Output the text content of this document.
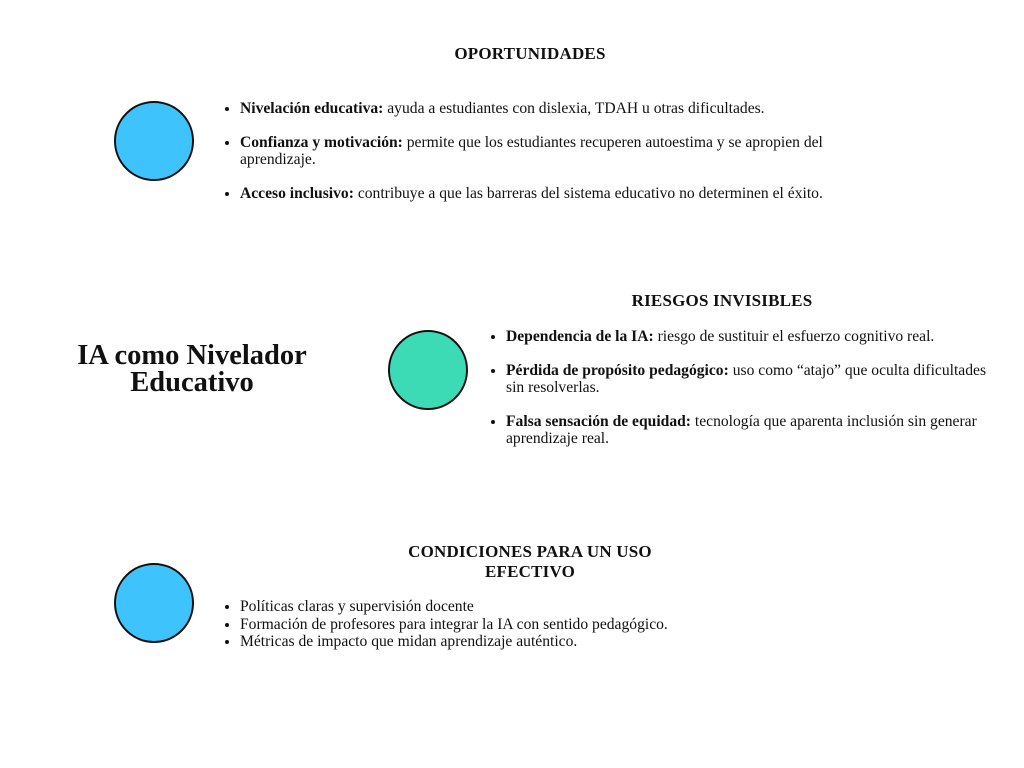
OPORTUNIDADES
• Nivelación educativa: ayuda a estudiantes con dislexia, TDAH u otras dificultades.
• Confianza y motivación: permite que los estudiantes recuperen autoestima y se apropien del aprendizaje.
• Acceso inclusivo: contribuye a que las barreras del sistema educativo no determinen el éxito.
IA como Nivelador
Educativo
RIESGOS INVISIBLES
• Dependencia de la IA: riesgo de sustituir el esfuerzo cognitivo real.
• Pérdida de propósito pedagógico: uso como “atajo” que oculta dificultades sin resolverlas.
• Falsa sensación de equidad: tecnología que aparenta inclusión sin generar aprendizaje real.
CONDICIONES PARA UN USO
EFECTIVO
• Políticas claras y supervisión docente
• Formación de profesores para integrar la IA con sentido pedagógico.
• Métricas de impacto que midan aprendizaje auténtico.
